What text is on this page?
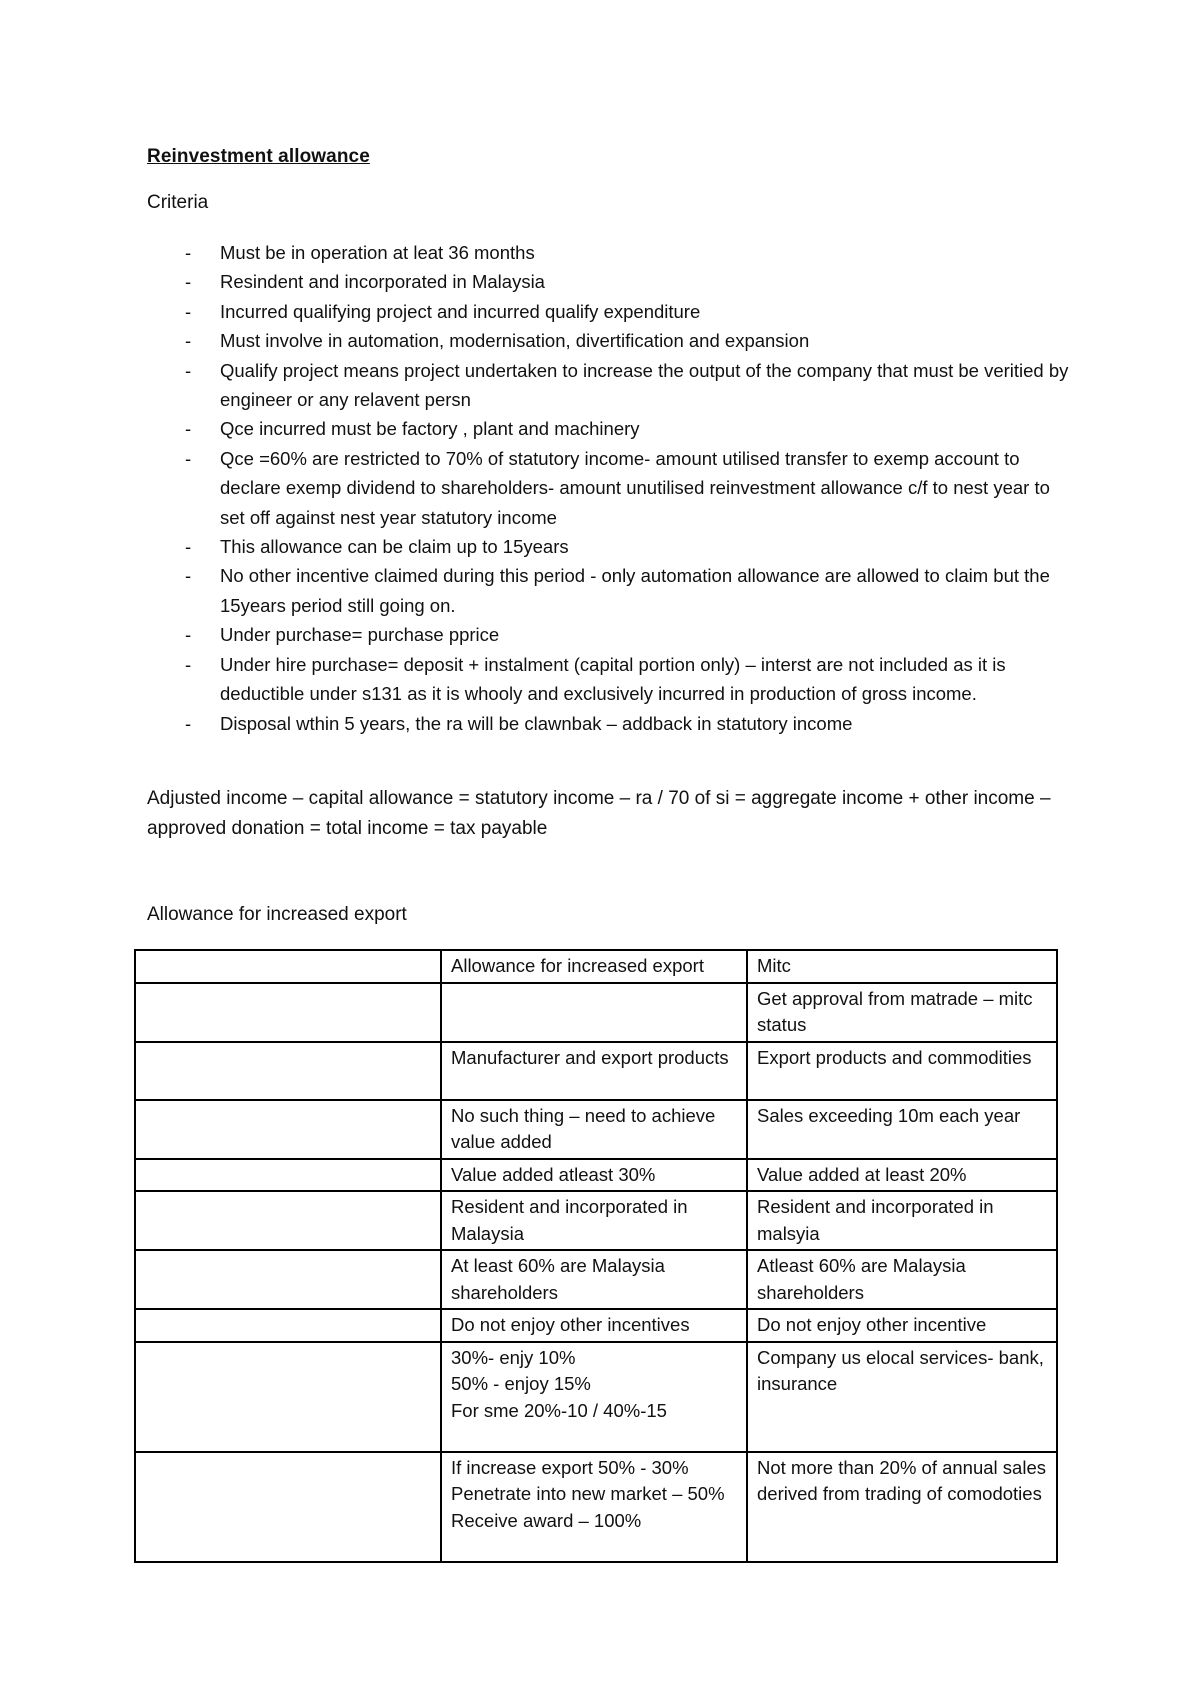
Reinvestment allowance
Criteria
- Must be in operation at leat 36 months
- Resindent and incorporated in Malaysia
- Incurred qualifying project and incurred qualify expenditure
- Must involve in automation, modernisation, divertification and expansion
- Qualify project means project undertaken to increase the output of the company that must be veritied by engineer or any relavent persn
- Qce incurred must be factory , plant and machinery
- Qce =60% are restricted to 70% of statutory income- amount utilised transfer to exemp account to declare exemp dividend to shareholders- amount unutilised reinvestment allowance c/f to nest year to set off against nest year statutory income
- This allowance can be claim up to 15years
- No other incentive claimed during this period - only automation allowance are allowed to claim but the 15years period still going on.
- Under purchase= purchase pprice
- Under hire purchase= deposit + instalment (capital portion only) – interst are not included as it is deductible under s131 as it is whooly and exclusively incurred in production of gross income.
- Disposal wthin 5 years, the ra will be clawnbak – addback in statutory income
Adjusted income – capital allowance = statutory income – ra / 70 of si = aggregate income + other income – approved donation = total income = tax payable
Allowance for increased export

	Allowance for increased export	Mitc

		Get approval from matrade – mitc status

	Manufacturer and export products	Export products and commodities

	No such thing – need to achieve value added	Sales exceeding 10m each year

	Value added atleast 30%	Value added at least 20%

	Resident and incorporated in Malaysia	Resident and incorporated in malsyia

	At least 60% are Malaysia shareholders	Atleast 60% are Malaysia shareholders

	Do not enjoy other incentives	Do not enjoy other incentive

	30%- enjy 10%
50% - enjoy 15%
For sme 20%-10 / 40%-15	Company us elocal services- bank, insurance

	If increase export 50% - 30%
Penetrate into new market – 50%
Receive award – 100%	Not more than 20% of annual sales derived from trading of comodoties
